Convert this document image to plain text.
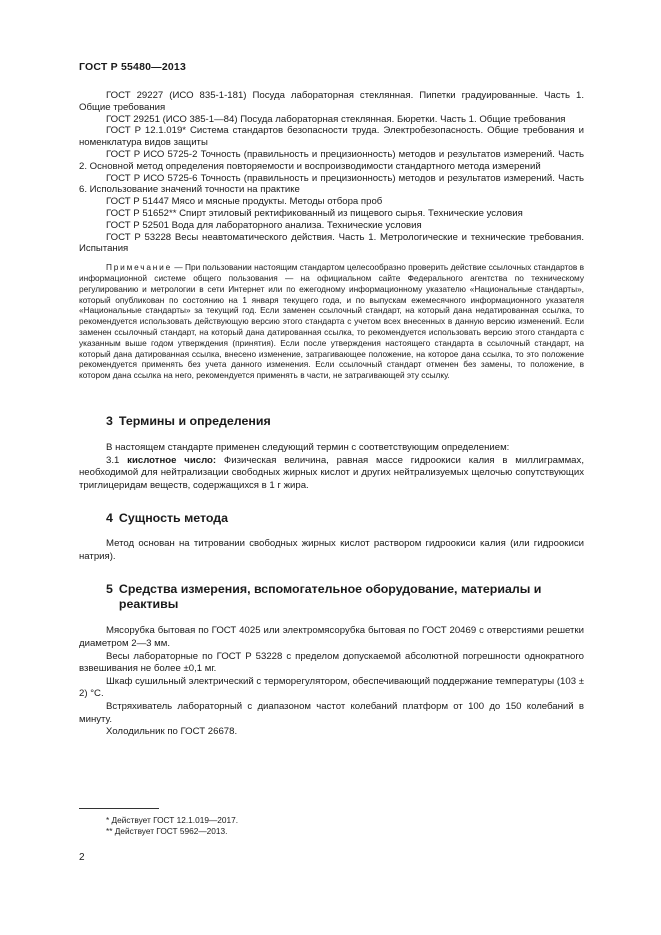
ГОСТ Р 55480—2013

ГОСТ 29227 (ИСО 835-1-181) Посуда лабораторная стеклянная. Пипетки градуированные. Часть 1. Общие требования

ГОСТ 29251 (ИСО 385-1—84) Посуда лабораторная стеклянная. Бюретки. Часть 1. Общие требования

ГОСТ Р 12.1.019* Система стандартов безопасности труда. Электробезопасность. Общие требования и номенклатура видов защиты

ГОСТ Р ИСО 5725-2 Точность (правильность и прецизионность) методов и результатов измерений. Часть 2. Основной метод определения повторяемости и воспроизводимости стандартного метода измерений

ГОСТ Р ИСО 5725-6 Точность (правильность и прецизионность) методов и результатов измерений. Часть 6. Использование значений точности на практике

ГОСТ Р 51447 Мясо и мясные продукты. Методы отбора проб

ГОСТ Р 51652** Спирт этиловый ректификованный из пищевого сырья. Технические условия

ГОСТ Р 52501 Вода для лабораторного анализа. Технические условия

ГОСТ Р 53228 Весы неавтоматического действия. Часть 1. Метрологические и технические требования. Испытания

Примечание — При пользовании настоящим стандартом целесообразно проверить действие ссылочных стандартов в информационной системе общего пользования — на официальном сайте Федерального агентства по техническому регулированию и метрологии в сети Интернет или по ежегодному информационному указателю «Национальные стандарты», который опубликован по состоянию на 1 января текущего года, и по выпускам ежемесячного информационного указателя «Национальные стандарты» за текущий год. Если заменен ссылочный стандарт, на который дана недатированная ссылка, то рекомендуется использовать действующую версию этого стандарта с учетом всех внесенных в данную версию изменений. Если заменен ссылочный стандарт, на который дана датированная ссылка, то рекомендуется использовать версию этого стандарта с указанным выше годом утверждения (принятия). Если после утверждения настоящего стандарта в ссылочный стандарт, на который дана датированная ссылка, внесено изменение, затрагивающее положение, на которое дана ссылка, то это положение рекомендуется применять без учета данного изменения. Если ссылочный стандарт отменен без замены, то положение, в котором дана ссылка на него, рекомендуется применять в части, не затрагивающей эту ссылку.

3 Термины и определения

В настоящем стандарте применен следующий термин с соответствующим определением:

3.1 кислотное число: Физическая величина, равная массе гидроокиси калия в миллиграммах, необходимой для нейтрализации свободных жирных кислот и других нейтрализуемых щелочью сопутствующих триглицеридам веществ, содержащихся в 1 г жира.

4 Сущность метода

Метод основан на титровании свободных жирных кислот раствором гидроокиси калия (или гидроокиси натрия).

5 Средства измерения, вспомогательное оборудование, материалы и реактивы

Мясорубка бытовая по ГОСТ 4025 или электромясорубка бытовая по ГОСТ 20469 с отверстиями решетки диаметром 2—3 мм.

Весы лабораторные по ГОСТ Р 53228 с пределом допускаемой абсолютной погрешности однократного взвешивания не более ±0,1 мг.

Шкаф сушильный электрический с терморегулятором, обеспечивающий поддержание температуры (103 ± 2) °С.

Встряхиватель лабораторный с диапазоном частот колебаний платформ от 100 до 150 колебаний в минуту.

Холодильник по ГОСТ 26678.

* Действует ГОСТ 12.1.019—2017.

** Действует ГОСТ 5962—2013.

2
